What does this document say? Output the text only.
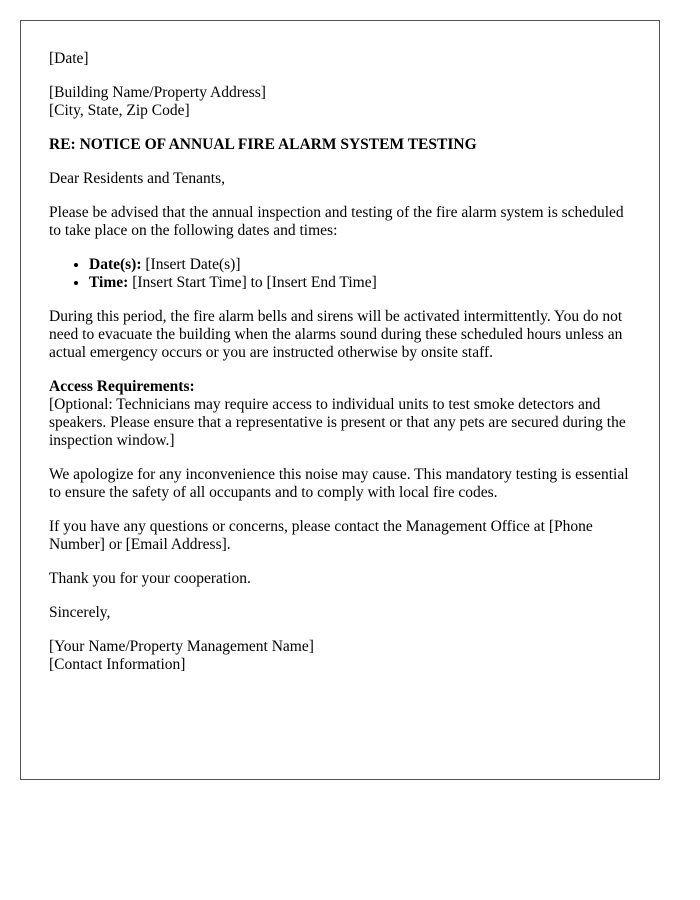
[Date]
[Building Name/Property Address]
[City, State, Zip Code]
RE: NOTICE OF ANNUAL FIRE ALARM SYSTEM TESTING

Dear Residents and Tenants,

Please be advised that the annual inspection and testing of the fire alarm system is scheduled to take place on the following dates and times:

• Date(s): [Insert Date(s)]
• Time: [Insert Start Time] to [Insert End Time]

During this period, the fire alarm bells and sirens will be activated intermittently. You do not need to evacuate the building when the alarms sound during these scheduled hours unless an actual emergency occurs or you are instructed otherwise by onsite staff.

Access Requirements:
[Optional: Technicians may require access to individual units to test smoke detectors and speakers. Please ensure that a representative is present or that any pets are secured during the inspection window.]

We apologize for any inconvenience this noise may cause. This mandatory testing is essential to ensure the safety of all occupants and to comply with local fire codes.

If you have any questions or concerns, please contact the Management Office at [Phone Number] or [Email Address].

Thank you for your cooperation.

Sincerely,

[Your Name/Property Management Name]
[Contact Information]
